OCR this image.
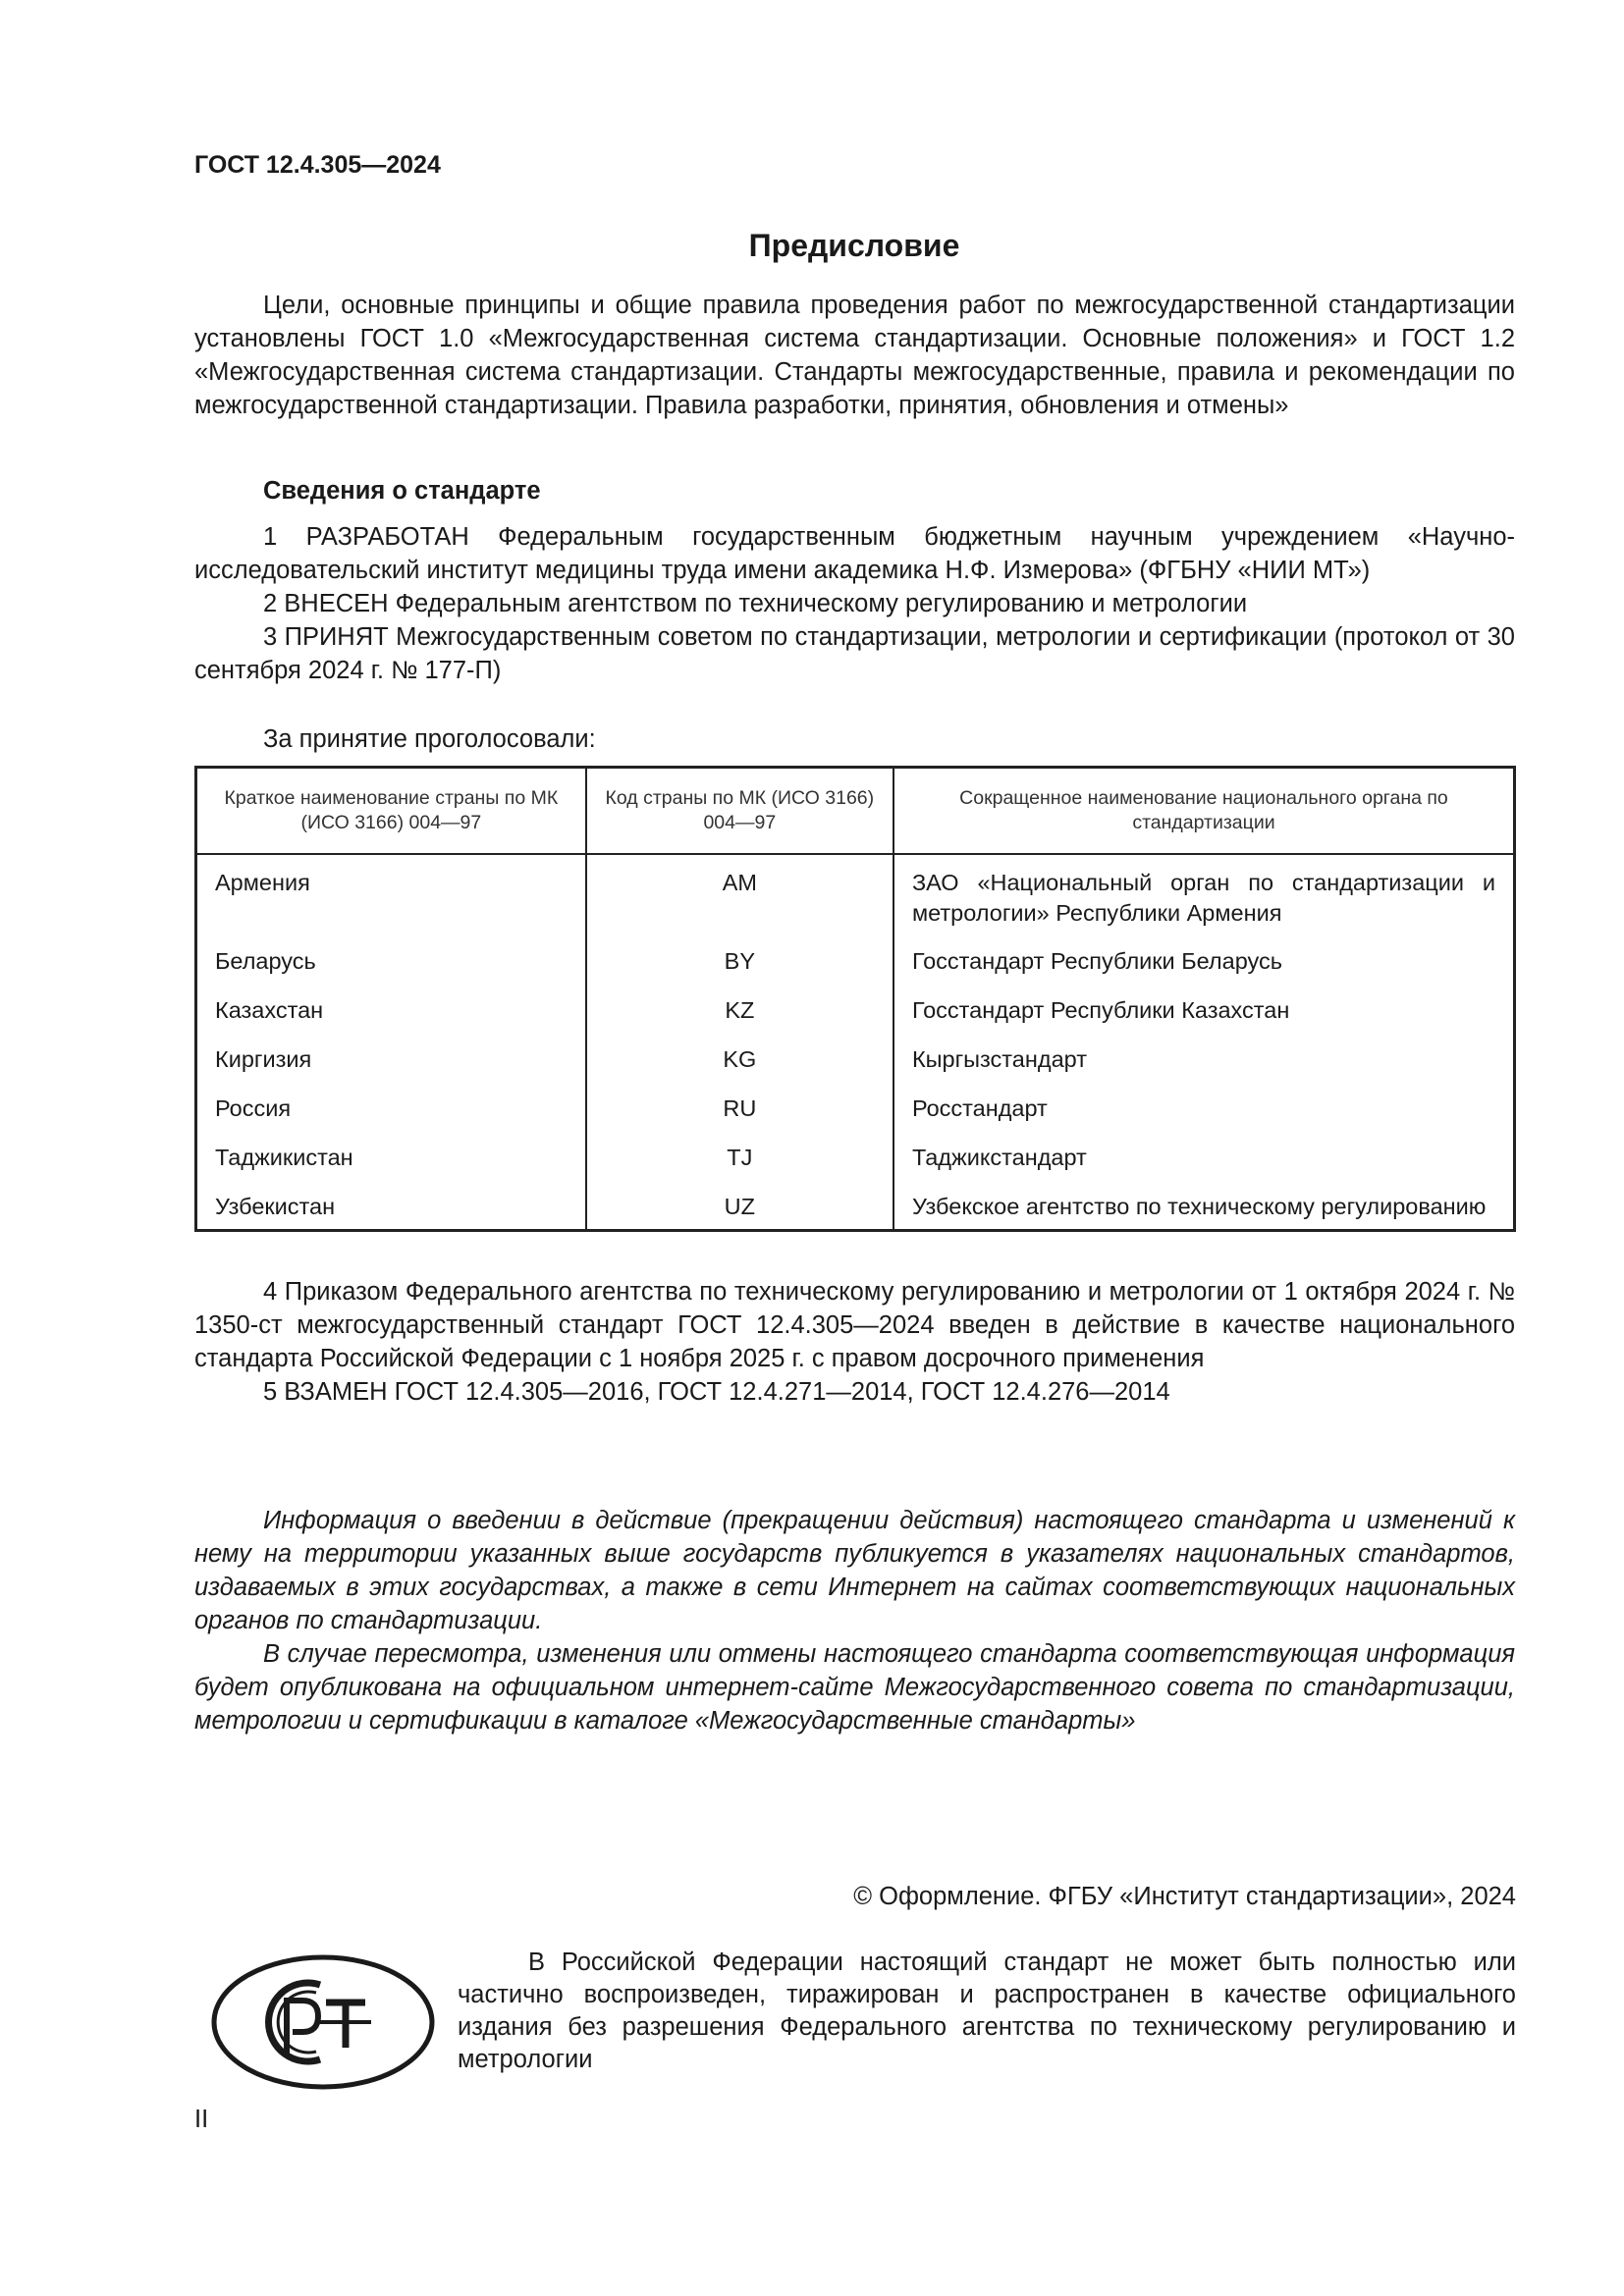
ГОСТ 12.4.305—2024
Предисловие
Цели, основные принципы и общие правила проведения работ по межгосударственной стандартизации установлены ГОСТ 1.0 «Межгосударственная система стандартизации. Основные положения» и ГОСТ 1.2 «Межгосударственная система стандартизации. Стандарты межгосударственные, правила и рекомендации по межгосударственной стандартизации. Правила разработки, принятия, обновления и отмены»
Сведения о стандарте

1 РАЗРАБОТАН Федеральным государственным бюджетным научным учреждением «Научно-исследовательский институт медицины труда имени академика Н.Ф. Измерова» (ФГБНУ «НИИ МТ»)

2 ВНЕСЕН Федеральным агентством по техническому регулированию и метрологии

3 ПРИНЯТ Межгосударственным советом по стандартизации, метрологии и сертификации (протокол от 30 сентября 2024 г. № 177-П)

За принятие проголосовали:
Краткое наименование страны по МК (ИСО 3166) 004—97	Код страны по МК (ИСО 3166) 004—97	Сокращенное наименование национального органа по стандартизации
Армения	AM	ЗАО «Национальный орган по стандартизации и метрологии» Республики Армения
Беларусь	BY	Госстандарт Республики Беларусь
Казахстан	KZ	Госстандарт Республики Казахстан
Киргизия	KG	Кыргызстандарт
Россия	RU	Росстандарт
Таджикистан	TJ	Таджикстандарт
Узбекистан	UZ	Узбекское агентство по техническому регулированию

4 Приказом Федерального агентства по техническому регулированию и метрологии от 1 октября 2024 г. № 1350-ст межгосударственный стандарт ГОСТ 12.4.305—2024 введен в действие в качестве национального стандарта Российской Федерации с 1 ноября 2025 г. с правом досрочного применения

5 ВЗАМЕН ГОСТ 12.4.305—2016, ГОСТ 12.4.271—2014, ГОСТ 12.4.276—2014

Информация о введении в действие (прекращении действия) настоящего стандарта и изменений к нему на территории указанных выше государств публикуется в указателях национальных стандартов, издаваемых в этих государствах, а также в сети Интернет на сайтах соответствующих национальных органов по стандартизации.

В случае пересмотра, изменения или отмены настоящего стандарта соответствующая информация будет опубликована на официальном интернет-сайте Межгосударственного совета по стандартизации, метрологии и сертификации в каталоге «Межгосударственные стандарты»

© Оформление. ФГБУ «Институт стандартизации», 2024

В Российской Федерации настоящий стандарт не может быть полностью или частично воспроизведен, тиражирован и распространен в качестве официального издания без разрешения Федерального агентства по техническому регулированию и метрологии

II
